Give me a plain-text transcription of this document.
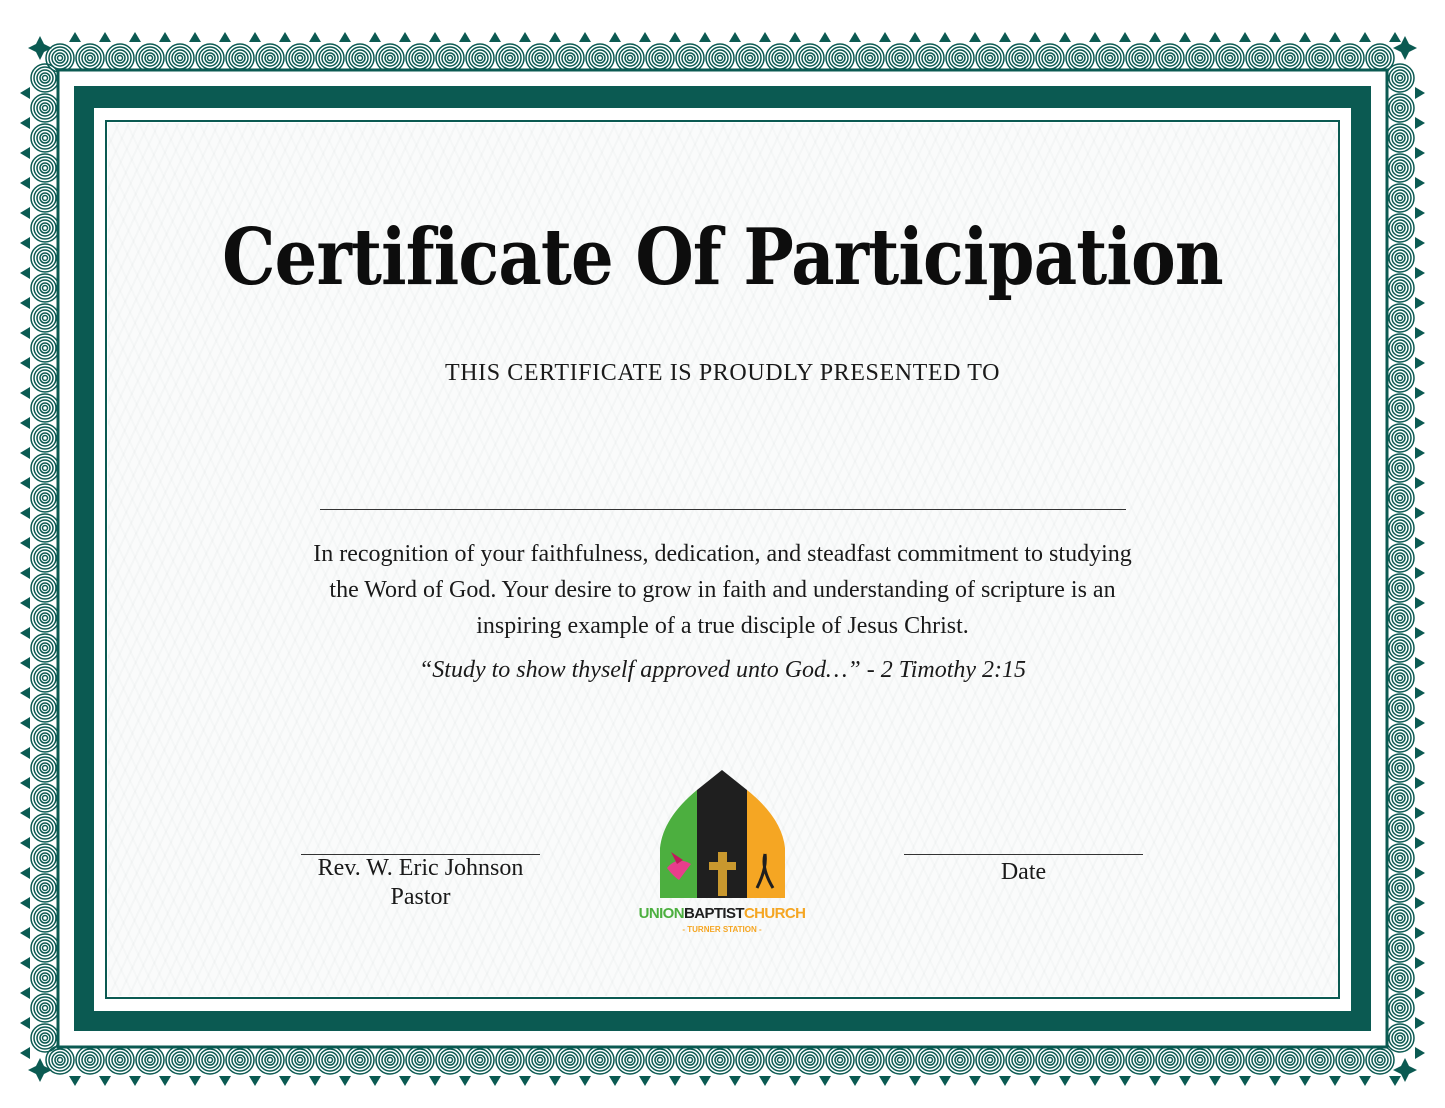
Certificate Of Participation
THIS CERTIFICATE IS PROUDLY PRESENTED TO
In recognition of your faithfulness, dedication, and steadfast commitment to studying the Word of God. Your desire to grow in faith and understanding of scripture is an inspiring example of a true disciple of Jesus Christ.
“Study to show thyself approved unto God…” - 2 Timothy 2:15
Rev. W. Eric Johnson
Pastor
Date
UNIONBAPTISTCHURCH
- TURNER STATION -
